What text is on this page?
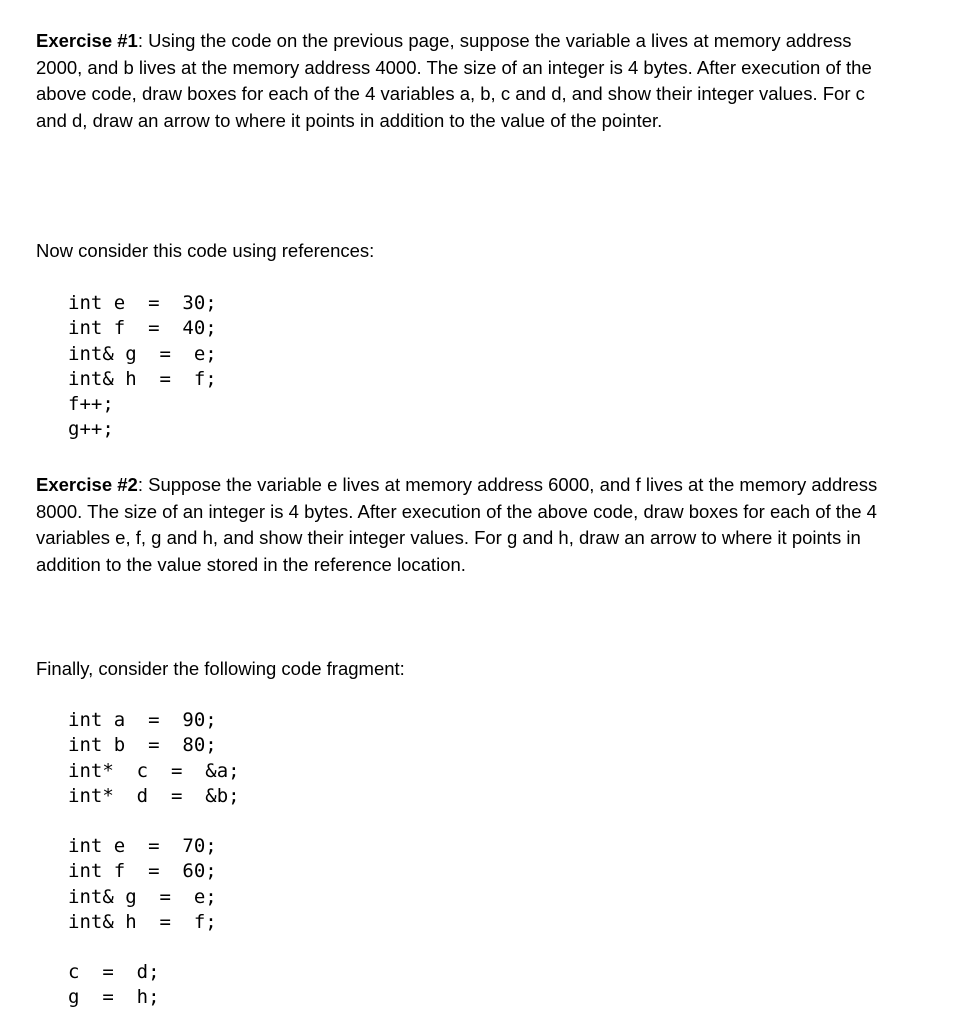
Exercise #1: Using the code on the previous page, suppose the variable a lives at memory address 2000, and b lives at the memory address 4000. The size of an integer is 4 bytes. After execution of the above code, draw boxes for each of the 4 variables a, b, c and d, and show their integer values. For c and d, draw an arrow to where it points in addition to the value of the pointer.

Now consider this code using references:

int e  =  30;
int f  =  40;
int& g  =  e;
int& h  =  f;
f++;
g++;

Exercise #2: Suppose the variable e lives at memory address 6000, and f lives at the memory address 8000. The size of an integer is 4 bytes. After execution of the above code, draw boxes for each of the 4 variables e, f, g and h, and show their integer values. For g and h, draw an arrow to where it points in addition to the value stored in the reference location.

Finally, consider the following code fragment:

int a  =  90;
int b  =  80;
int*  c  =  &a;
int*  d  =  &b;
int e  =  70;
int f  =  60;
int& g  =  e;
int& h  =  f;
c  =  d;
g  =  h;
